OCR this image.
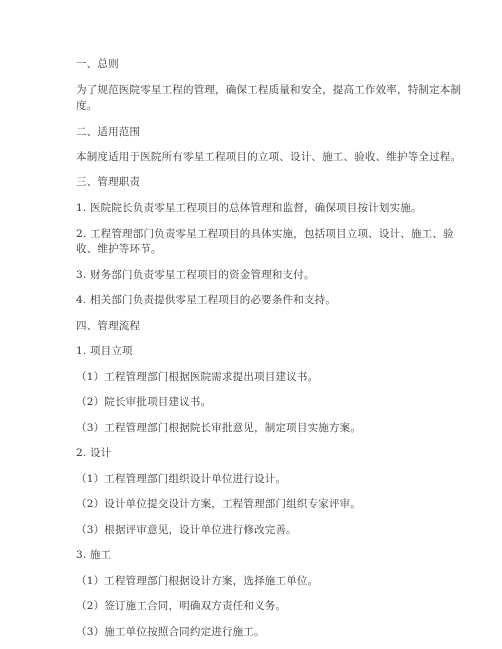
一、总则
为了规范医院零星工程的管理，确保工程质量和安全，提高工作效率，特制定本制
度。
二、适用范围
本制度适用于医院所有零星工程项目的立项、设计、施工、验收、维护等全过程。
三、管理职责
1. 医院院长负责零星工程项目的总体管理和监督，确保项目按计划实施。
2. 工程管理部门负责零星工程项目的具体实施，包括项目立项、设计、施工、验
收、维护等环节。
3. 财务部门负责零星工程项目的资金管理和支付。
4. 相关部门负责提供零星工程项目的必要条件和支持。
四、管理流程
1. 项目立项
（1）工程管理部门根据医院需求提出项目建议书。
（2）院长审批项目建议书。
（3）工程管理部门根据院长审批意见，制定项目实施方案。
2. 设计
（1）工程管理部门组织设计单位进行设计。
（2）设计单位提交设计方案，工程管理部门组织专家评审。
（3）根据评审意见，设计单位进行修改完善。
3. 施工
（1）工程管理部门根据设计方案，选择施工单位。
（2）签订施工合同，明确双方责任和义务。
（3）施工单位按照合同约定进行施工。
